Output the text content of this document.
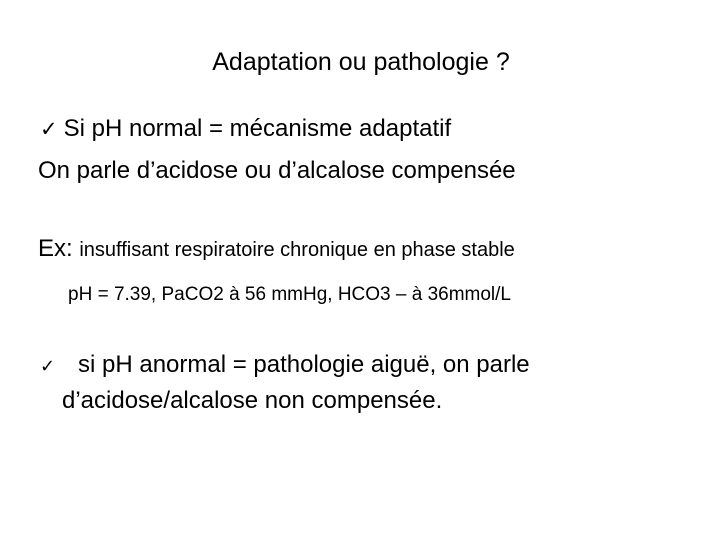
Adaptation ou pathologie ?
✓ Si pH normal = mécanisme adaptatif
On parle d’acidose ou d’alcalose compensée
Ex: insuffisant respiratoire chronique en phase stable
pH = 7.39, PaCO2 à 56 mmHg, HCO3 – à 36mmol/L
✓ si pH anormal = pathologie aiguë, on parle
d’acidose/alcalose non compensée.
